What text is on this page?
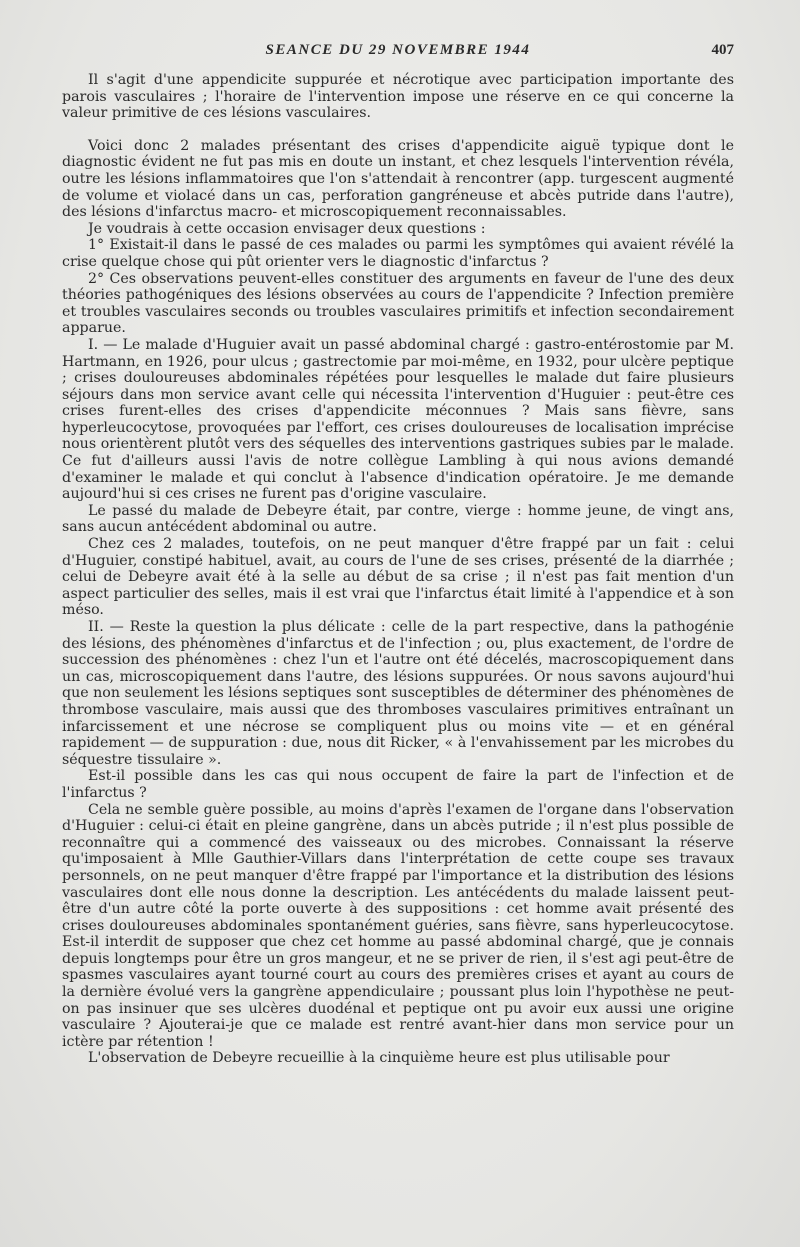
SEANCE DU 29 NOVEMBRE 1944	407

Il s'agit d'une appendicite suppurée et nécrotique avec participation importante des parois vasculaires ; l'horaire de l'intervention impose une réserve en ce qui concerne la valeur primitive de ces lésions vasculaires.

Voici donc 2 malades présentant des crises d'appendicite aiguë typique dont le diagnostic évident ne fut pas mis en doute un instant, et chez lesquels l'intervention révéla, outre les lésions inflammatoires que l'on s'attendait à rencontrer (app. turgescent augmenté de volume et violacé dans un cas, perforation gangréneuse et abcès putride dans l'autre), des lésions d'infarctus macro- et microscopiquement reconnaissables.

Je voudrais à cette occasion envisager deux questions :

1° Existait-il dans le passé de ces malades ou parmi les symptômes qui avaient révélé la crise quelque chose qui pût orienter vers le diagnostic d'infarctus ?

2° Ces observations peuvent-elles constituer des arguments en faveur de l'une des deux théories pathogéniques des lésions observées au cours de l'appendicite ? Infection première et troubles vasculaires seconds ou troubles vasculaires primitifs et infection secondairement apparue.

I. — Le malade d'Huguier avait un passé abdominal chargé : gastro-entérostomie par M. Hartmann, en 1926, pour ulcus ; gastrectomie par moi-même, en 1932, pour ulcère peptique ; crises douloureuses abdominales répétées pour lesquelles le malade dut faire plusieurs séjours dans mon service avant celle qui nécessita l'intervention d'Huguier : peut-être ces crises furent-elles des crises d'appendicite méconnues ? Mais sans fièvre, sans hyperleucocytose, provoquées par l'effort, ces crises douloureuses de localisation imprécise nous orientèrent plutôt vers des séquelles des interventions gastriques subies par le malade. Ce fut d'ailleurs aussi l'avis de notre collègue Lambling à qui nous avions demandé d'examiner le malade et qui conclut à l'absence d'indication opératoire. Je me demande aujourd'hui si ces crises ne furent pas d'origine vasculaire.

Le passé du malade de Debeyre était, par contre, vierge : homme jeune, de vingt ans, sans aucun antécédent abdominal ou autre.

Chez ces 2 malades, toutefois, on ne peut manquer d'être frappé par un fait : celui d'Huguier, constipé habituel, avait, au cours de l'une de ses crises, présenté de la diarrhée ; celui de Debeyre avait été à la selle au début de sa crise ; il n'est pas fait mention d'un aspect particulier des selles, mais il est vrai que l'infarctus était limité à l'appendice et à son méso.

II. — Reste la question la plus délicate : celle de la part respective, dans la pathogénie des lésions, des phénomènes d'infarctus et de l'infection ; ou, plus exactement, de l'ordre de succession des phénomènes : chez l'un et l'autre ont été décelés, macroscopiquement dans un cas, microscopiquement dans l'autre, des lésions suppurées. Or nous savons aujourd'hui que non seulement les lésions septiques sont susceptibles de déterminer des phénomènes de thrombose vasculaire, mais aussi que des thromboses vasculaires primitives entraînant un infarcissement et une nécrose se compliquent plus ou moins vite — et en général rapidement — de suppuration : due, nous dit Ricker, « à l'envahissement par les microbes du séquestre tissulaire ».

Est-il possible dans les cas qui nous occupent de faire la part de l'infection et de l'infarctus ?

Cela ne semble guère possible, au moins d'après l'examen de l'organe dans l'observation d'Huguier : celui-ci était en pleine gangrène, dans un abcès putride ; il n'est plus possible de reconnaître qui a commencé des vaisseaux ou des microbes. Connaissant la réserve qu'imposaient à Mlle Gauthier-Villars dans l'interprétation de cette coupe ses travaux personnels, on ne peut manquer d'être frappé par l'importance et la distribution des lésions vasculaires dont elle nous donne la description. Les antécédents du malade laissent peut-être d'un autre côté la porte ouverte à des suppositions : cet homme avait présenté des crises douloureuses abdominales spontanément guéries, sans fièvre, sans hyperleucocytose. Est-il interdit de supposer que chez cet homme au passé abdominal chargé, que je connais depuis longtemps pour être un gros mangeur, et ne se priver de rien, il s'est agi peut-être de spasmes vasculaires ayant tourné court au cours des premières crises et ayant au cours de la dernière évolué vers la gangrène appendiculaire ; poussant plus loin l'hypothèse ne peut-on pas insinuer que ses ulcères duodénal et peptique ont pu avoir eux aussi une origine vasculaire ? Ajouterai-je que ce malade est rentré avant-hier dans mon service pour un ictère par rétention !

L'observation de Debeyre recueillie à la cinquième heure est plus utilisable pour
